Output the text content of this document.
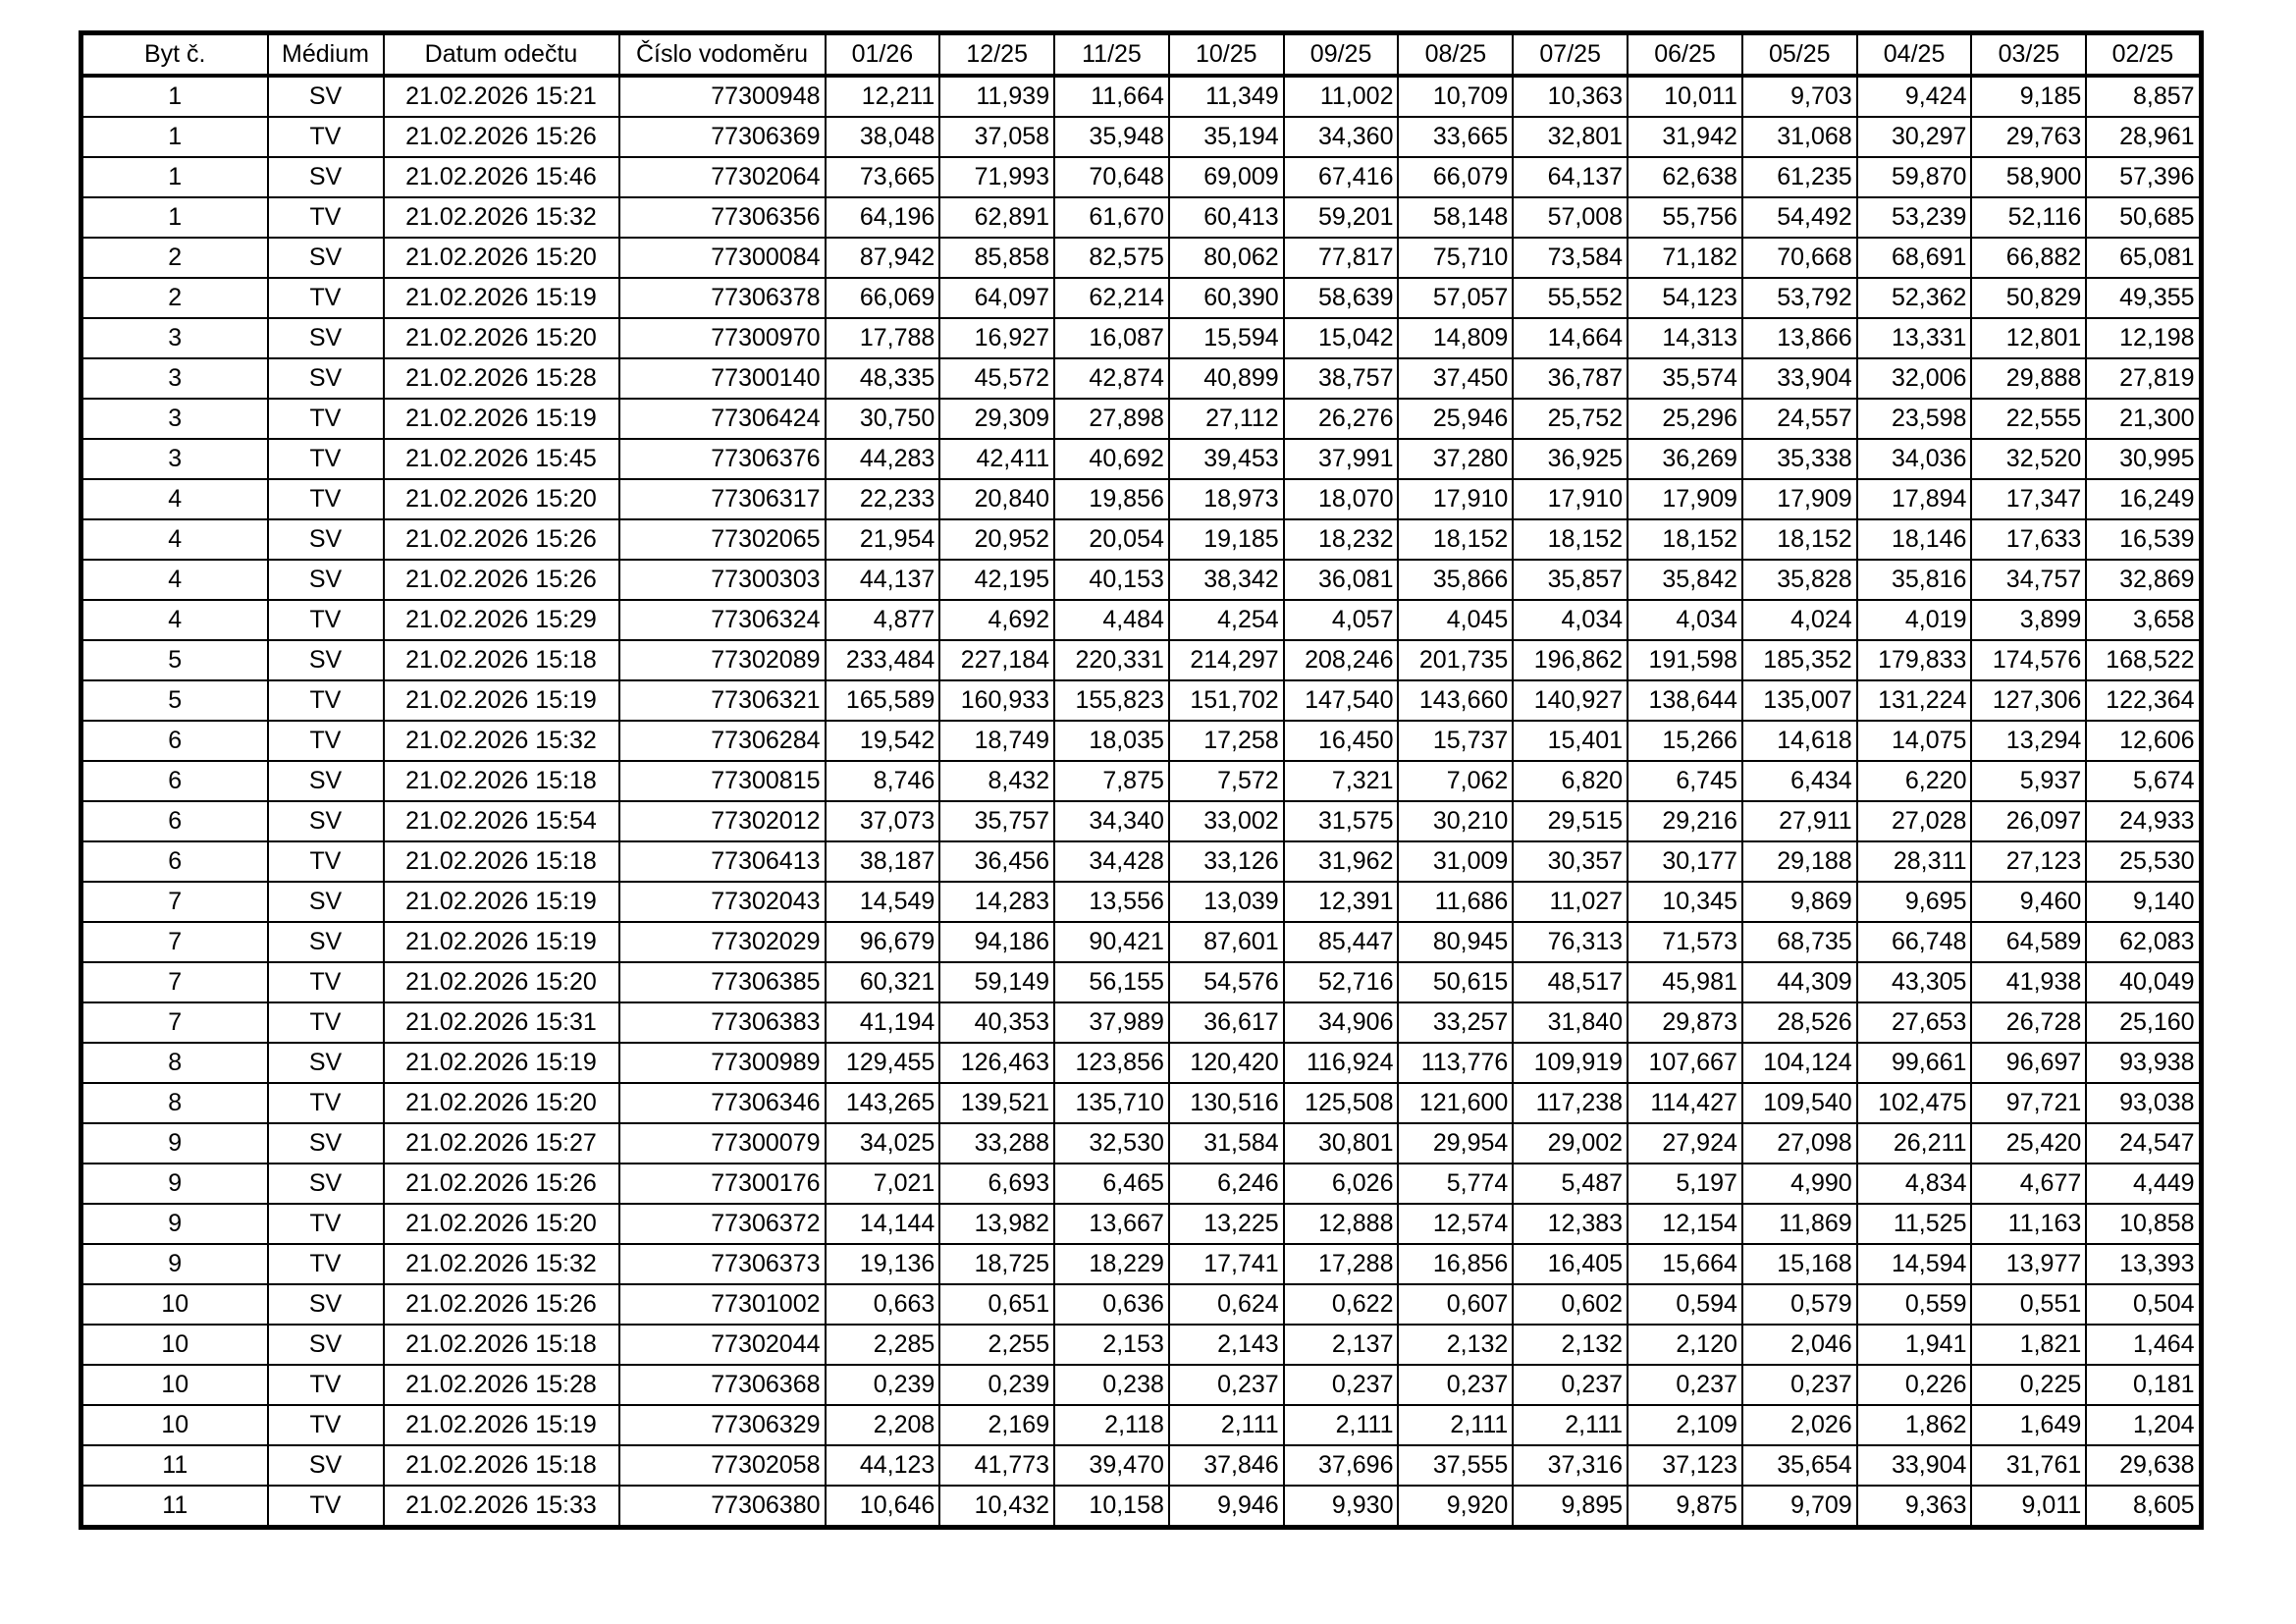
Byt č.	Médium	Datum odečtu	Číslo vodoměru	01/26	12/25	11/25	10/25	09/25	08/25	07/25	06/25	05/25	04/25	03/25	02/25
1	SV	21.02.2026 15:21	77300948	12,211	11,939	11,664	11,349	11,002	10,709	10,363	10,011	9,703	9,424	9,185	8,857
1	TV	21.02.2026 15:26	77306369	38,048	37,058	35,948	35,194	34,360	33,665	32,801	31,942	31,068	30,297	29,763	28,961
1	SV	21.02.2026 15:46	77302064	73,665	71,993	70,648	69,009	67,416	66,079	64,137	62,638	61,235	59,870	58,900	57,396
1	TV	21.02.2026 15:32	77306356	64,196	62,891	61,670	60,413	59,201	58,148	57,008	55,756	54,492	53,239	52,116	50,685
2	SV	21.02.2026 15:20	77300084	87,942	85,858	82,575	80,062	77,817	75,710	73,584	71,182	70,668	68,691	66,882	65,081
2	TV	21.02.2026 15:19	77306378	66,069	64,097	62,214	60,390	58,639	57,057	55,552	54,123	53,792	52,362	50,829	49,355
3	SV	21.02.2026 15:20	77300970	17,788	16,927	16,087	15,594	15,042	14,809	14,664	14,313	13,866	13,331	12,801	12,198
3	SV	21.02.2026 15:28	77300140	48,335	45,572	42,874	40,899	38,757	37,450	36,787	35,574	33,904	32,006	29,888	27,819
3	TV	21.02.2026 15:19	77306424	30,750	29,309	27,898	27,112	26,276	25,946	25,752	25,296	24,557	23,598	22,555	21,300
3	TV	21.02.2026 15:45	77306376	44,283	42,411	40,692	39,453	37,991	37,280	36,925	36,269	35,338	34,036	32,520	30,995
4	TV	21.02.2026 15:20	77306317	22,233	20,840	19,856	18,973	18,070	17,910	17,910	17,909	17,909	17,894	17,347	16,249
4	SV	21.02.2026 15:26	77302065	21,954	20,952	20,054	19,185	18,232	18,152	18,152	18,152	18,152	18,146	17,633	16,539
4	SV	21.02.2026 15:26	77300303	44,137	42,195	40,153	38,342	36,081	35,866	35,857	35,842	35,828	35,816	34,757	32,869
4	TV	21.02.2026 15:29	77306324	4,877	4,692	4,484	4,254	4,057	4,045	4,034	4,034	4,024	4,019	3,899	3,658
5	SV	21.02.2026 15:18	77302089	233,484	227,184	220,331	214,297	208,246	201,735	196,862	191,598	185,352	179,833	174,576	168,522
5	TV	21.02.2026 15:19	77306321	165,589	160,933	155,823	151,702	147,540	143,660	140,927	138,644	135,007	131,224	127,306	122,364
6	TV	21.02.2026 15:32	77306284	19,542	18,749	18,035	17,258	16,450	15,737	15,401	15,266	14,618	14,075	13,294	12,606
6	SV	21.02.2026 15:18	77300815	8,746	8,432	7,875	7,572	7,321	7,062	6,820	6,745	6,434	6,220	5,937	5,674
6	SV	21.02.2026 15:54	77302012	37,073	35,757	34,340	33,002	31,575	30,210	29,515	29,216	27,911	27,028	26,097	24,933
6	TV	21.02.2026 15:18	77306413	38,187	36,456	34,428	33,126	31,962	31,009	30,357	30,177	29,188	28,311	27,123	25,530
7	SV	21.02.2026 15:19	77302043	14,549	14,283	13,556	13,039	12,391	11,686	11,027	10,345	9,869	9,695	9,460	9,140
7	SV	21.02.2026 15:19	77302029	96,679	94,186	90,421	87,601	85,447	80,945	76,313	71,573	68,735	66,748	64,589	62,083
7	TV	21.02.2026 15:20	77306385	60,321	59,149	56,155	54,576	52,716	50,615	48,517	45,981	44,309	43,305	41,938	40,049
7	TV	21.02.2026 15:31	77306383	41,194	40,353	37,989	36,617	34,906	33,257	31,840	29,873	28,526	27,653	26,728	25,160
8	SV	21.02.2026 15:19	77300989	129,455	126,463	123,856	120,420	116,924	113,776	109,919	107,667	104,124	99,661	96,697	93,938
8	TV	21.02.2026 15:20	77306346	143,265	139,521	135,710	130,516	125,508	121,600	117,238	114,427	109,540	102,475	97,721	93,038
9	SV	21.02.2026 15:27	77300079	34,025	33,288	32,530	31,584	30,801	29,954	29,002	27,924	27,098	26,211	25,420	24,547
9	SV	21.02.2026 15:26	77300176	7,021	6,693	6,465	6,246	6,026	5,774	5,487	5,197	4,990	4,834	4,677	4,449
9	TV	21.02.2026 15:20	77306372	14,144	13,982	13,667	13,225	12,888	12,574	12,383	12,154	11,869	11,525	11,163	10,858
9	TV	21.02.2026 15:32	77306373	19,136	18,725	18,229	17,741	17,288	16,856	16,405	15,664	15,168	14,594	13,977	13,393
10	SV	21.02.2026 15:26	77301002	0,663	0,651	0,636	0,624	0,622	0,607	0,602	0,594	0,579	0,559	0,551	0,504
10	SV	21.02.2026 15:18	77302044	2,285	2,255	2,153	2,143	2,137	2,132	2,132	2,120	2,046	1,941	1,821	1,464
10	TV	21.02.2026 15:28	77306368	0,239	0,239	0,238	0,237	0,237	0,237	0,237	0,237	0,237	0,226	0,225	0,181
10	TV	21.02.2026 15:19	77306329	2,208	2,169	2,118	2,111	2,111	2,111	2,111	2,109	2,026	1,862	1,649	1,204
11	SV	21.02.2026 15:18	77302058	44,123	41,773	39,470	37,846	37,696	37,555	37,316	37,123	35,654	33,904	31,761	29,638
11	TV	21.02.2026 15:33	77306380	10,646	10,432	10,158	9,946	9,930	9,920	9,895	9,875	9,709	9,363	9,011	8,605
